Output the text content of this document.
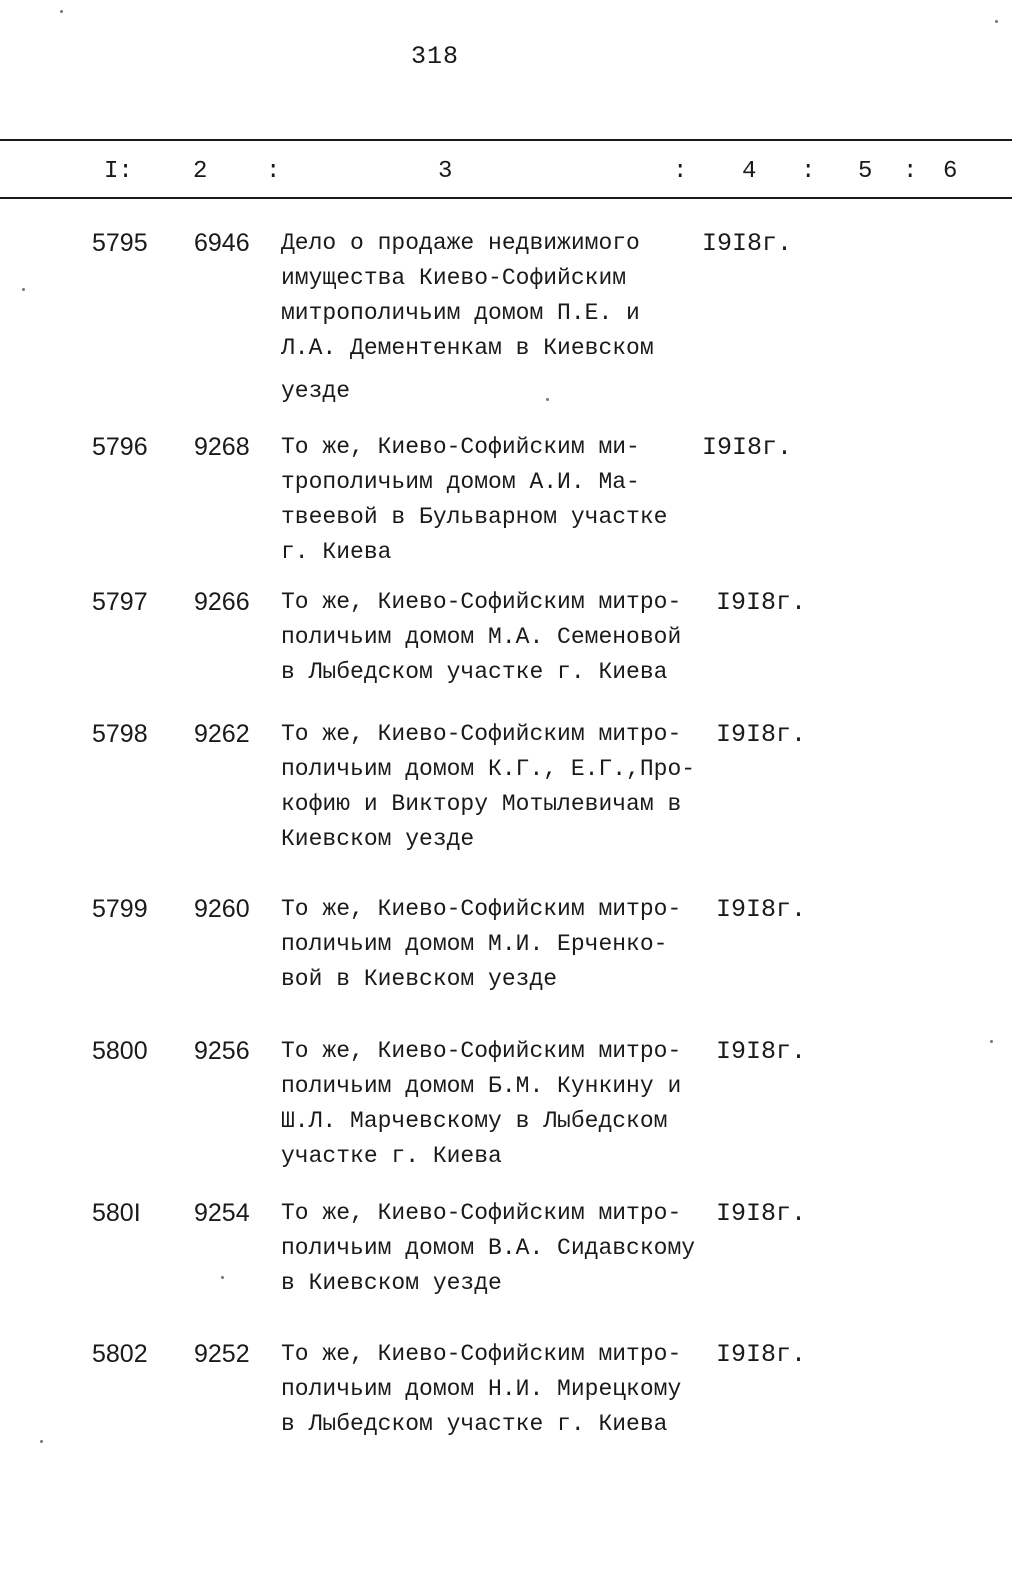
318
I:	2 :	3	: 4 : 5 : 6
5795 6946 Дело о продаже недвижимого
имущества Киево-Софийским
митрополичьим домом П.Е. и
Л.А. Дементенкам в Киевском
уезде
I9I8г.
5796 9268 То же, Киево-Софийским ми-
трополичьим домом А.И. Ма-
твеевой в Бульварном участке
г. Киева
I9I8г.
5797 9266 То же, Киево-Софийским митро-
поличьим домом М.А. Семеновой
в Лыбедском участке г. Киева
I9I8г.
5798 9262 То же, Киево-Софийским митро-
поличьим домом К.Г., Е.Г.,Про-
кофию и Виктору Мотылевичам в
Киевском уезде
I9I8г.
5799 9260 То же, Киево-Софийским митро-
поличьим домом М.И. Ерченко-
вой в Киевском уезде
I9I8г.
5800 9256 То же, Киево-Софийским митро-
поличьим домом Б.М. Кункину и
Ш.Л. Марчевскому в Лыбедском
участке г. Киева
I9I8г.
580I 9254 То же, Киево-Софийским митро-
поличьим домом В.А. Сидавскому
в Киевском уезде
I9I8г.
5802 9252 То же, Киево-Софийским митро-
поличьим домом Н.И. Мирецкому
в Лыбедском участке г. Киева
I9I8г.
